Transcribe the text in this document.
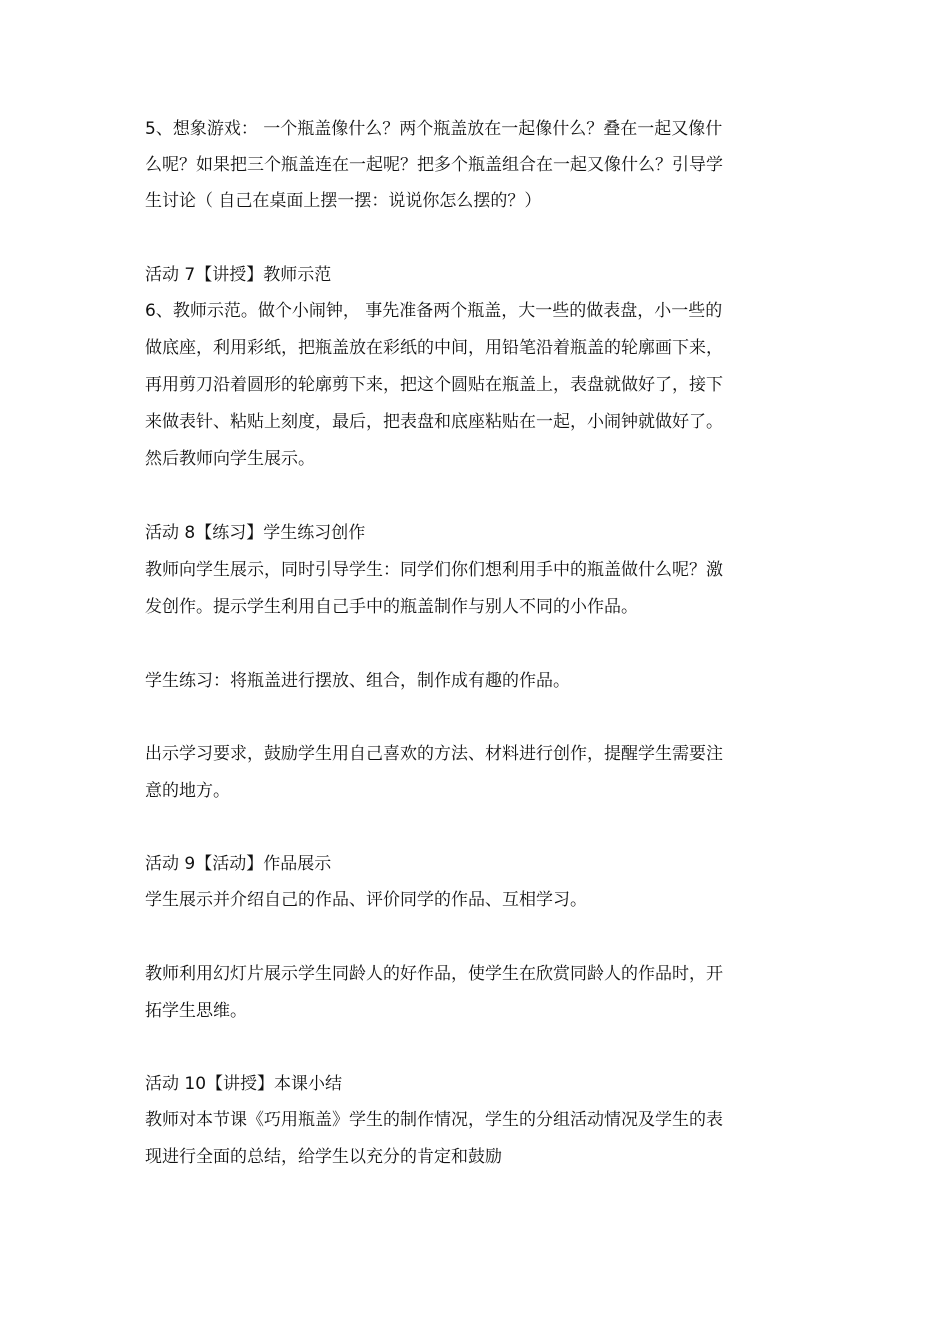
5、想象游戏： 一个瓶盖像什么？两个瓶盖放在一起像什么？叠在一起又像什
么呢？如果把三个瓶盖连在一起呢？把多个瓶盖组合在一起又像什么？引导学
生讨论（ 自己在桌面上摆一摆：说说你怎么摆的？）
活动 7【讲授】教师示范
6、教师示范。做个小闹钟， 事先准备两个瓶盖，大一些的做表盘，小一些的
做底座，利用彩纸，把瓶盖放在彩纸的中间，用铅笔沿着瓶盖的轮廓画下来，
再用剪刀沿着圆形的轮廓剪下来，把这个圆贴在瓶盖上，表盘就做好了，接下
来做表针、粘贴上刻度，最后，把表盘和底座粘贴在一起，小闹钟就做好了。
然后教师向学生展示。
活动 8【练习】学生练习创作
教师向学生展示，同时引导学生：同学们你们想利用手中的瓶盖做什么呢？激
发创作。提示学生利用自己手中的瓶盖制作与别人不同的小作品。
学生练习：将瓶盖进行摆放、组合，制作成有趣的作品。
出示学习要求，鼓励学生用自己喜欢的方法、材料进行创作，提醒学生需要注
意的地方。
活动 9【活动】作品展示
学生展示并介绍自己的作品、评价同学的作品、互相学习。
教师利用幻灯片展示学生同龄人的好作品，使学生在欣赏同龄人的作品时，开
拓学生思维。
活动 10【讲授】本课小结
教师对本节课《巧用瓶盖》学生的制作情况，学生的分组活动情况及学生的表
现进行全面的总结，给学生以充分的肯定和鼓励
